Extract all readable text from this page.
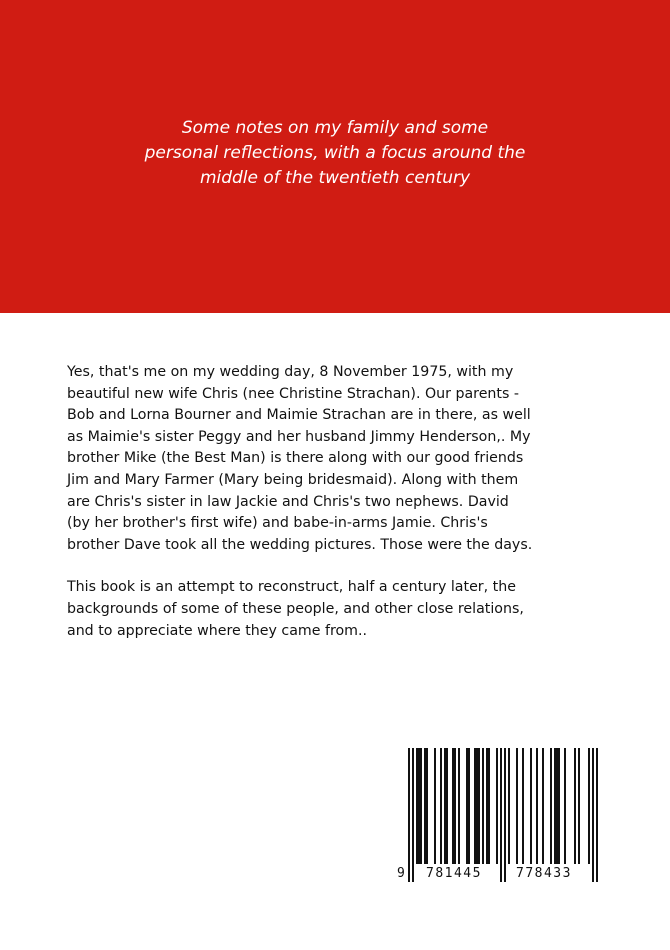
Some notes on my family and some
personal reflections, with a focus around the
middle of the twentieth century

Yes, that's me on my wedding day, 8 November 1975, with my
beautiful new wife Chris (nee Christine Strachan). Our parents -
Bob and Lorna Bourner and Maimie Strachan are in there, as well
as Maimie's sister Peggy and her husband Jimmy Henderson,. My
brother Mike (the Best Man) is there along with our good friends
Jim and Mary Farmer (Mary being bridesmaid). Along with them
are Chris's sister in law Jackie and Chris's two nephews. David
(by her brother's first wife) and babe-in-arms Jamie. Chris's
brother Dave took all the wedding pictures. Those were the days.

This book is an attempt to reconstruct, half a century later, the
backgrounds of some of these people, and other close relations,
and to appreciate where they came from..

9 781445	778433
